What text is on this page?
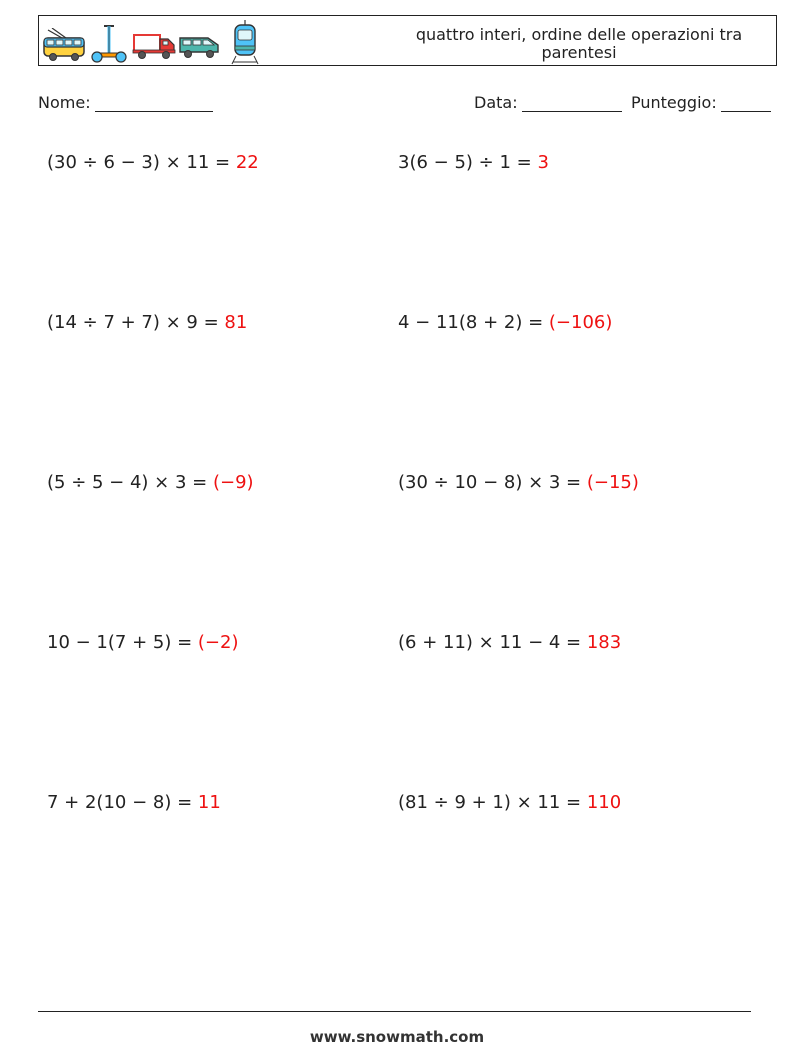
quattro interi, ordine delle operazioni tra parentesi
Nome:	Data:	Punteggio:
(30 ÷ 6 − 3) × 11 = 22	3(6 − 5) ÷ 1 = 3
(14 ÷ 7 + 7) × 9 = 81	4 − 11(8 + 2) = (−106)
(5 ÷ 5 − 4) × 3 = (−9)	(30 ÷ 10 − 8) × 3 = (−15)
10 − 1(7 + 5) = (−2)	(6 + 11) × 11 − 4 = 183
7 + 2(10 − 8) = 11	(81 ÷ 9 + 1) × 11 = 110
www.snowmath.com
